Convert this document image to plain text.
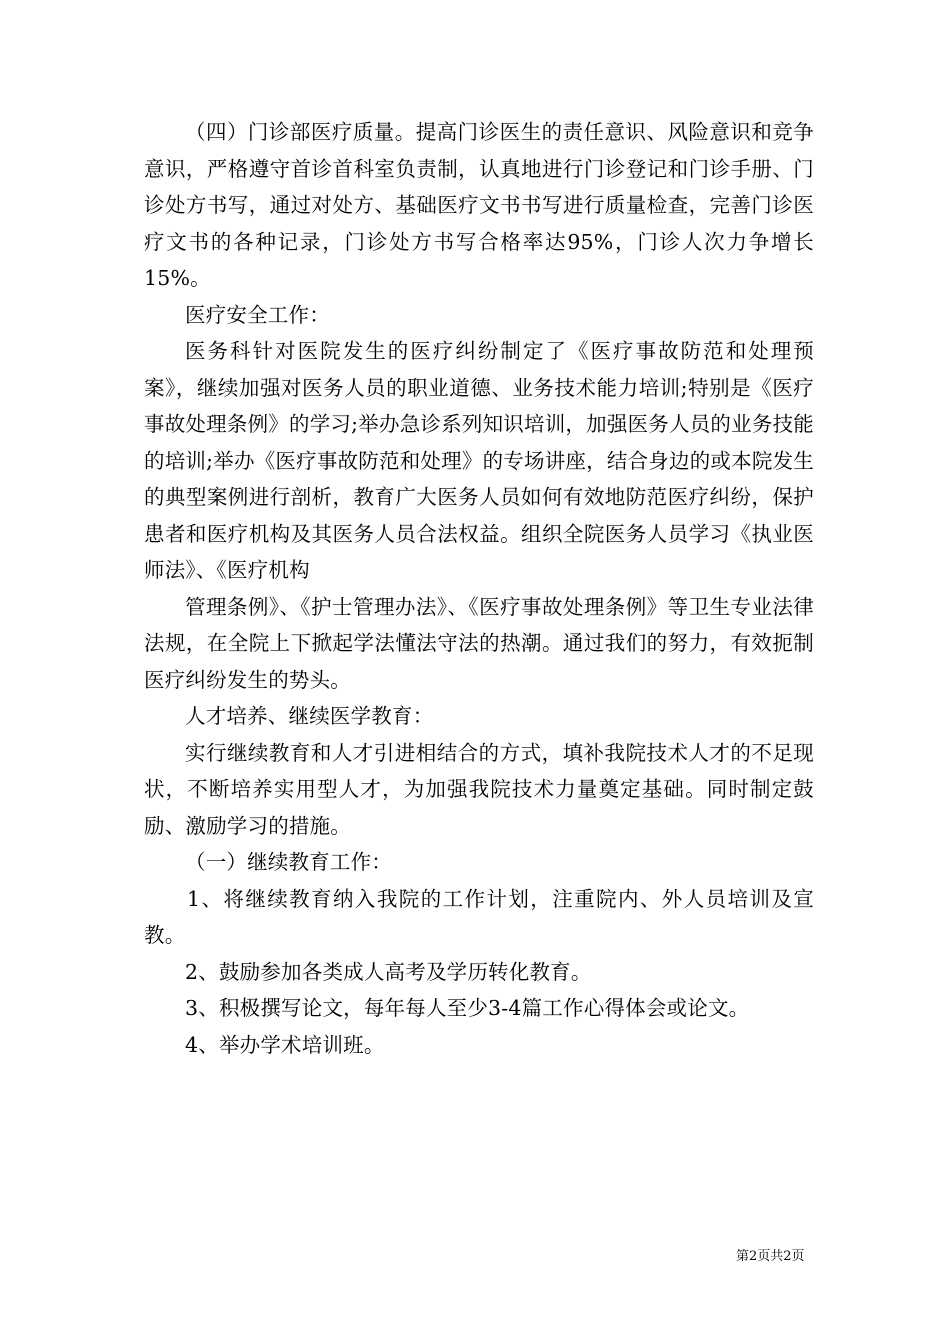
（四）门诊部医疗质量。提高门诊医生的责任意识、风险意识和竞争意识，严格遵守首诊首科室负责制，认真地进行门诊登记和门诊手册、门诊处方书写，通过对处方、基础医疗文书书写进行质量检查，完善门诊医疗文书的各种记录，门诊处方书写合格率达95%，门诊人次力争增长15%。

医疗安全工作：

医务科针对医院发生的医疗纠纷制定了《医疗事故防范和处理预案》，继续加强对医务人员的职业道德、业务技术能力培训;特别是《医疗事故处理条例》的学习;举办急诊系列知识培训，加强医务人员的业务技能的培训;举办《医疗事故防范和处理》的专场讲座，结合身边的或本院发生的典型案例进行剖析，教育广大医务人员如何有效地防范医疗纠纷，保护患者和医疗机构及其医务人员合法权益。组织全院医务人员学习《执业医师法》、《医疗机构

管理条例》、《护士管理办法》、《医疗事故处理条例》等卫生专业法律法规，在全院上下掀起学法懂法守法的热潮。通过我们的努力，有效扼制医疗纠纷发生的势头。

人才培养、继续医学教育：

实行继续教育和人才引进相结合的方式，填补我院技术人才的不足现状，不断培养实用型人才，为加强我院技术力量奠定基础。同时制定鼓励、激励学习的措施。

（一）继续教育工作：

1、将继续教育纳入我院的工作计划，注重院内、外人员培训及宣教。

2、鼓励参加各类成人高考及学历转化教育。

3、积极撰写论文，每年每人至少3-4篇工作心得体会或论文。

4、举办学术培训班。

第2页共2页
